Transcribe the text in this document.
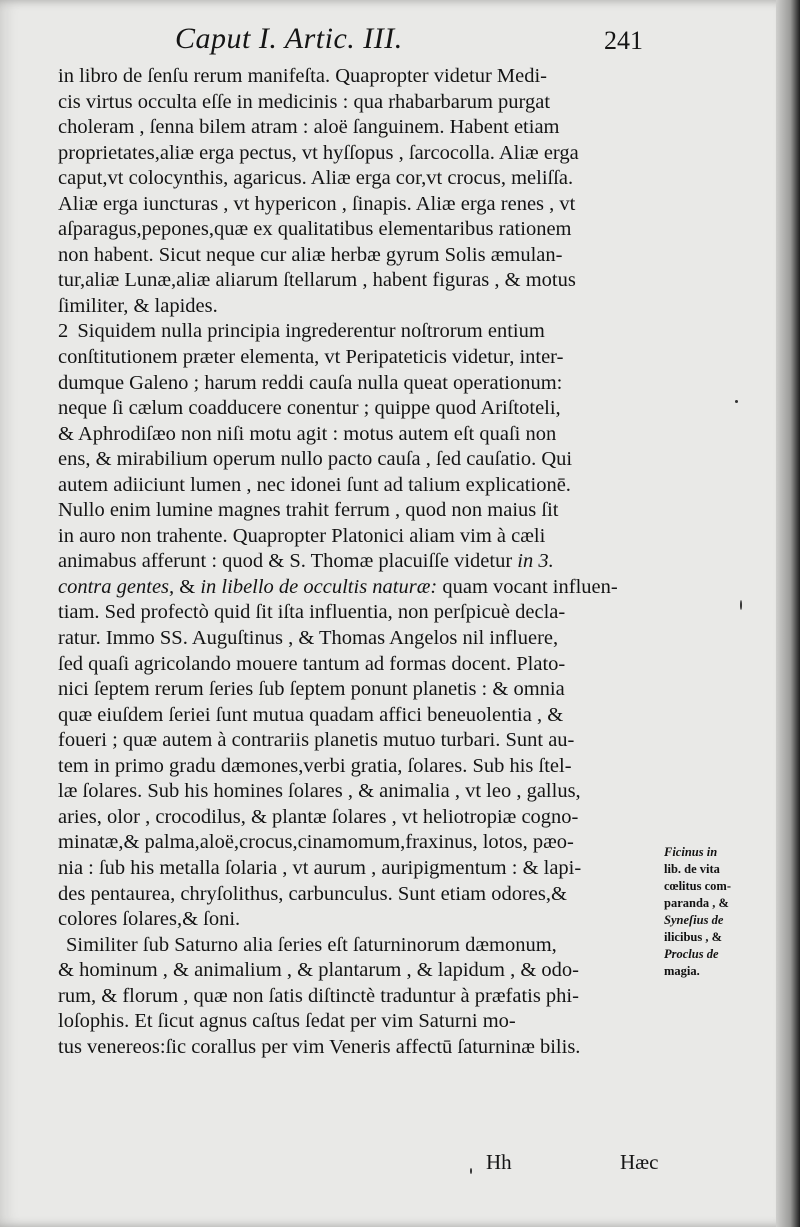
Caput I. Artic. III.	241
in libro de ſenſu rerum manifeſta. Quapropter videtur Medi-
cis virtus occulta eſſe in medicinis : qua rhabarbarum purgat
choleram , ſenna bilem atram : aloë ſanguinem. Habent etiam
proprietates,aliæ erga pectus, vt hyſſopus , ſarcocolla. Aliæ erga
caput,vt colocynthis, agaricus. Aliæ erga cor,vt crocus, meliſſa.
Aliæ erga iuncturas , vt hypericon , ſinapis. Aliæ erga renes , vt
aſparagus,pepones,quæ ex qualitatibus elementaribus rationem
non habent. Sicut neque cur aliæ herbæ gyrum Solis æmulan-
tur,aliæ Lunæ,aliæ aliarum ſtellarum , habent figuras , & motus
ſimiliter, & lapides.
2 Siquidem nulla principia ingrederentur noſtrorum entium
conſtitutionem præter elementa, vt Peripateticis videtur, inter-
dumque Galeno ; harum reddi cauſa nulla queat operationum:
neque ſi cælum coadducere conentur ; quippe quod Ariſtoteli,
& Aphrodiſæo non niſi motu agit : motus autem eſt quaſi non
ens, & mirabilium operum nullo pacto cauſa , ſed cauſatio. Qui
autem adiiciunt lumen , nec idonei ſunt ad talium explicationē.
Nullo enim lumine magnes trahit ferrum , quod non maius ſit
in auro non trahente. Quapropter Platonici aliam vim à cæli
animabus afferunt : quod & S. Thomæ placuiſſe videtur in 3.
contra gentes, & in libello de occultis naturæ: quam vocant influen-
tiam. Sed profectò quid ſit iſta influentia, non perſpicuè decla-
ratur. Immo SS. Auguſtinus , & Thomas Angelos nil influere,
ſed quaſi agricolando mouere tantum ad formas docent. Plato-
nici ſeptem rerum ſeries ſub ſeptem ponunt planetis : & omnia
quæ eiuſdem ſeriei ſunt mutua quadam affici beneuolentia , &
foueri ; quæ autem à contrariis planetis mutuo turbari. Sunt au-
tem in primo gradu dæmones,verbi gratia, ſolares. Sub his ſtel-
læ ſolares. Sub his homines ſolares , & animalia , vt leo , gallus,
aries, olor , crocodilus, & plantæ ſolares , vt heliotropiæ cogno-
minatæ,& palma,aloë,crocus,cinamomum,fraxinus, lotos, pæo-
nia : ſub his metalla ſolaria , vt aurum , auripigmentum : & lapi-
des pentaurea, chryſolithus, carbunculus. Sunt etiam odores,&
colores ſolares,& ſoni.
Similiter ſub Saturno alia ſeries eſt ſaturninorum dæmonum,
& hominum , & animalium , & plantarum , & lapidum , & odo-
rum, & florum , quæ non ſatis diſtinctè traduntur à præfatis phi-
loſophis. Et ſicut agnus caſtus ſedat per vim Saturni mo-
tus venereos:ſic corallus per vim Veneris affectū ſaturninæ bilis.
Ficinus in
lib. de vita
cœlitus com-
paranda , &
Syneſius de
ilicibus , &
Proclus de
magia.
Hh	Hæc
